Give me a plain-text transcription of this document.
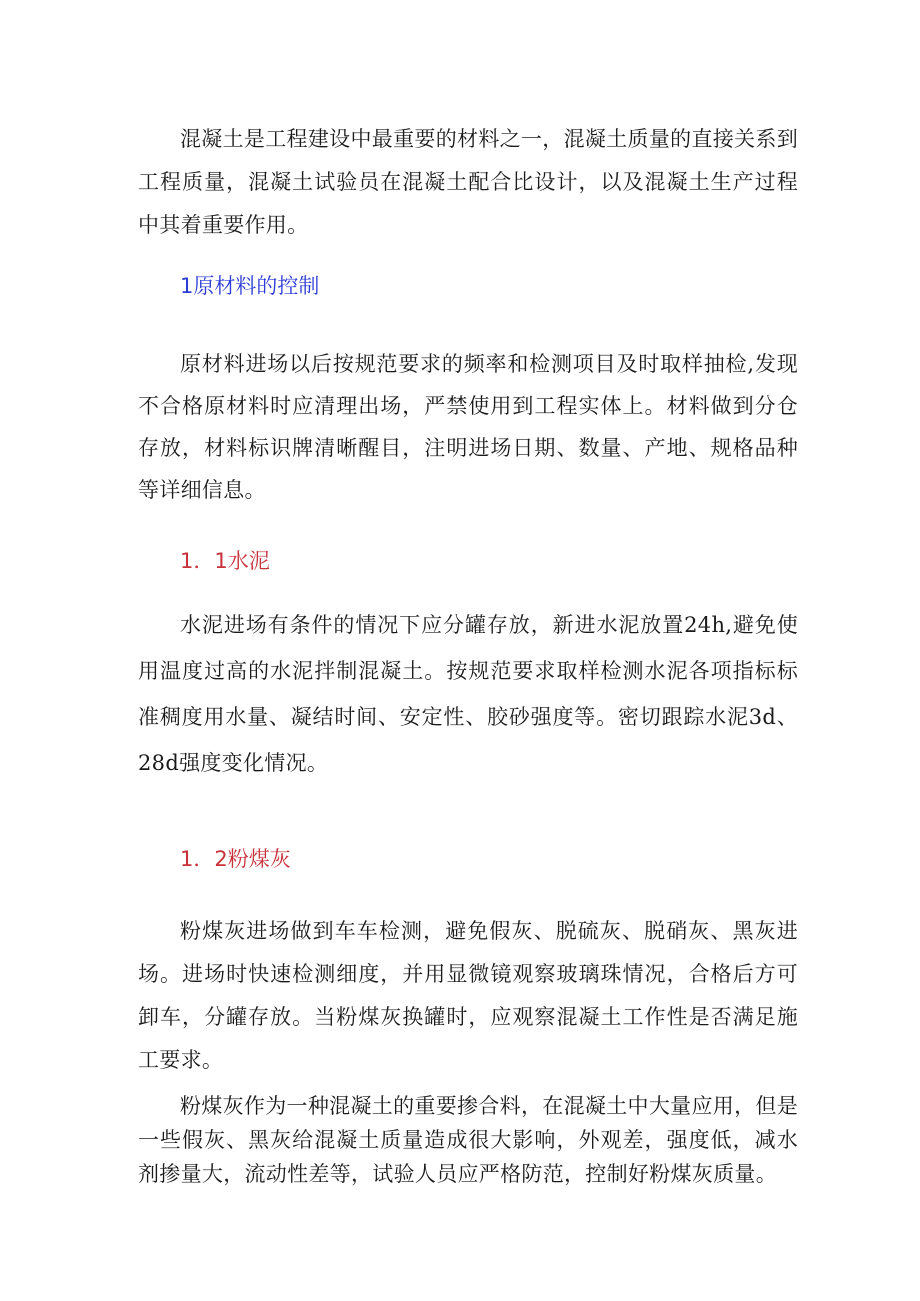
混凝土是工程建设中最重要的材料之一，混凝土质量的直接关系到工程质量，混凝土试验员在混凝土配合比设计，以及混凝土生产过程中其着重要作用。

1原材料的控制

原材料进场以后按规范要求的频率和检测项目及时取样抽检,发现不合格原材料时应清理出场，严禁使用到工程实体上。材料做到分仓存放，材料标识牌清晰醒目，注明进场日期、数量、产地、规格品种等详细信息。

1．1水泥

水泥进场有条件的情况下应分罐存放，新进水泥放置24h,避免使用温度过高的水泥拌制混凝土。按规范要求取样检测水泥各项指标标准稠度用水量、凝结时间、安定性、胶砂强度等。密切跟踪水泥3d、28d强度变化情况。

1．2粉煤灰

粉煤灰进场做到车车检测，避免假灰、脱硫灰、脱硝灰、黑灰进场。进场时快速检测细度，并用显微镜观察玻璃珠情况，合格后方可卸车，分罐存放。当粉煤灰换罐时，应观察混凝土工作性是否满足施工要求。

粉煤灰作为一种混凝土的重要掺合料，在混凝土中大量应用，但是一些假灰、黑灰给混凝土质量造成很大影响，外观差，强度低，减水剂掺量大，流动性差等，试验人员应严格防范，控制好粉煤灰质量。
